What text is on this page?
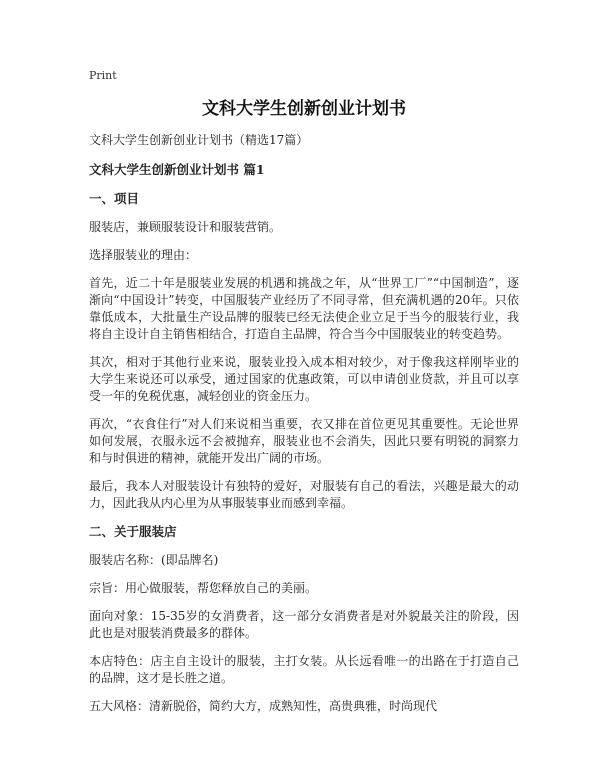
Print
文科大学生创新创业计划书

文科大学生创新创业计划书（精选17篇）

文科大学生创新创业计划书 篇1

一、项目

服装店，兼顾服装设计和服装营销。

选择服装业的理由：

首先，近二十年是服装业发展的机遇和挑战之年，从“世界工厂”“中国制造”，逐渐向“中国设计”转变，中国服装产业经历了不同寻常，但充满机遇的20年。只依靠低成本，大批量生产设品牌的服装已经无法使企业立足于当今的服装行业，我将自主设计自主销售相结合，打造自主品牌，符合当今中国服装业的转变趋势。

其次，相对于其他行业来说，服装业投入成本相对较少，对于像我这样刚毕业的大学生来说还可以承受，通过国家的优惠政策，可以申请创业贷款，并且可以享受一年的免税优惠，减轻创业的资金压力。

再次，“衣食住行”对人们来说相当重要，衣又排在首位更见其重要性。无论世界如何发展，衣服永远不会被抛弃，服装业也不会消失，因此只要有明锐的洞察力和与时俱进的精神，就能开发出广阔的市场。

最后，我本人对服装设计有独特的爱好，对服装有自己的看法，兴趣是最大的动力，因此我从内心里为从事服装事业而感到幸福。

二、关于服装店

服装店名称：(即品牌名)

宗旨：用心做服装，帮您释放自己的美丽。

面向对象：15-35岁的女消费者，这一部分女消费者是对外貌最关注的阶段，因此也是对服装消费最多的群体。

本店特色：店主自主设计的服装，主打女装。从长远看唯一的出路在于打造自己的品牌，这才是长胜之道。

五大风格：清新脱俗，简约大方，成熟知性，高贵典雅，时尚现代
